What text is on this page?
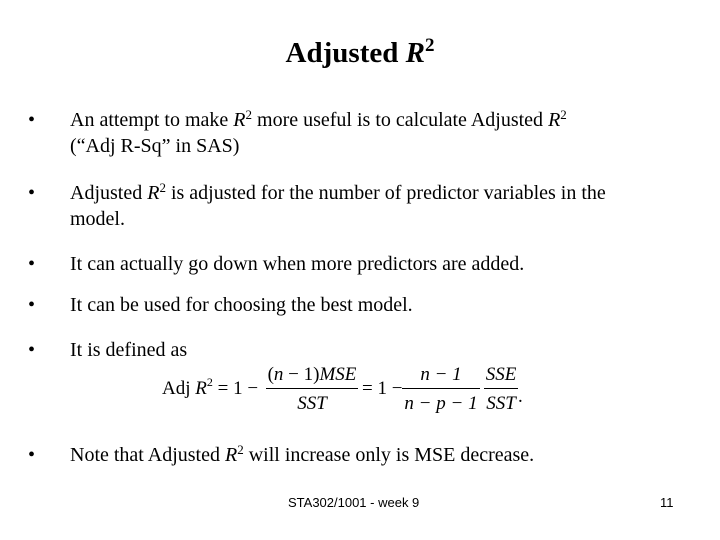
Adjusted $R^2$
•	An attempt to make $R^2$ more useful is to calculate Adjusted $R^2$
(“Adj R-Sq” in SAS)
•	Adjusted $R^2$ is adjusted for the number of predictor variables in the
model.
•	It can actually go down when more predictors are added.
•	It can be used for choosing the best model.
•	It is defined as
Adj $R^2 = 1$ −
(n − 1)MSE
SST
= 1 −
n − 1
n − p − 1
SSE
SST .
•	Note that Adjusted $R^2$ will increase only is MSE decrease.
STA302/1001 - week 9	11
